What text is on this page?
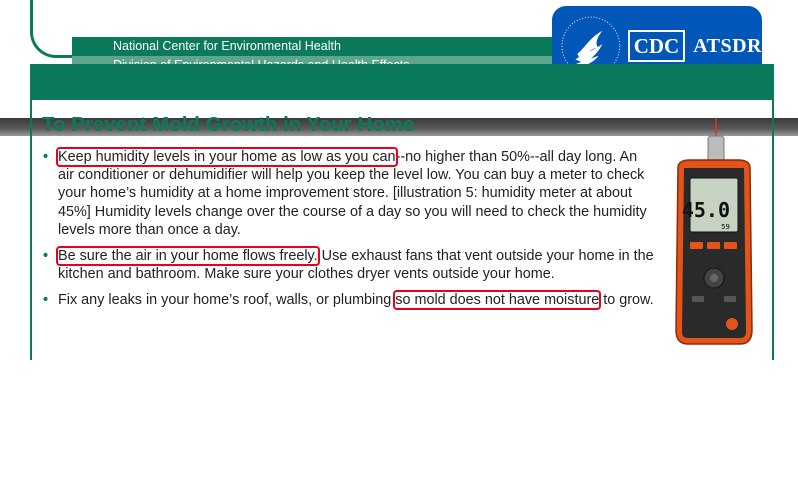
National Center for Environmental Health	CDC ATSDR
To Prevent Mold Growth in Your Home
• Keep humidity levels in your home as low as you can--no higher than 50%--all day long. An air conditioner or dehumidifier will help you keep the level low. You can buy a meter to check your home’s humidity at a home improvement store. [illustration 5: humidity meter at about 45%] Humidity levels change over the course of a day so you will need to check the humidity levels more than once a day.
• Be sure the air in your home flows freely. Use exhaust fans that vent outside your home in the kitchen and bathroom. Make sure your clothes dryer vents outside your home.
• Fix any leaks in your home’s roof, walls, or plumbing so mold does not have moisture to grow.
45.0
59
